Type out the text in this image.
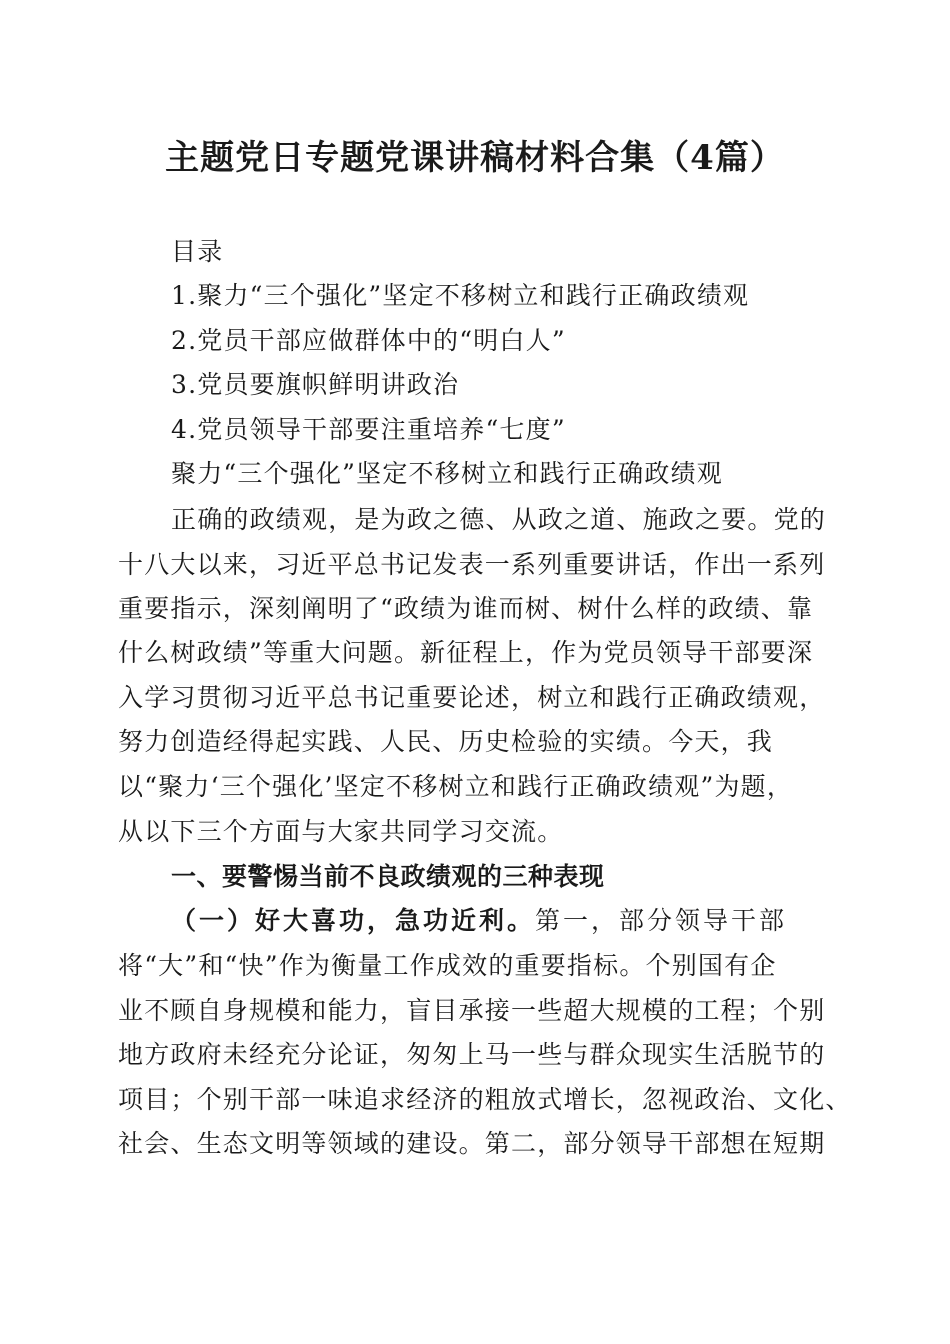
主题党日专题党课讲稿材料合集（4篇）
目录
1.聚力“三个强化”坚定不移树立和践行正确政绩观
2.党员干部应做群体中的“明白人”
3.党员要旗帜鲜明讲政治
4.党员领导干部要注重培养“七度”
聚力“三个强化”坚定不移树立和践行正确政绩观
正确的政绩观，是为政之德、从政之道、施政之要。党的
十八大以来，习近平总书记发表一系列重要讲话，作出一系列
重要指示，深刻阐明了“政绩为谁而树、树什么样的政绩、靠
什么树政绩”等重大问题。新征程上，作为党员领导干部要深
入学习贯彻习近平总书记重要论述，树立和践行正确政绩观，
努力创造经得起实践、人民、历史检验的实绩。今天，我
以“聚力‘三个强化’坚定不移树立和践行正确政绩观”为题，
从以下三个方面与大家共同学习交流。
一、要警惕当前不良政绩观的三种表现
（一）好大喜功，急功近利。第一，部分领导干部
将“大”和“快”作为衡量工作成效的重要指标。个别国有企
业不顾自身规模和能力，盲目承接一些超大规模的工程；个别
地方政府未经充分论证，匆匆上马一些与群众现实生活脱节的
项目；个别干部一味追求经济的粗放式增长，忽视政治、文化、
社会、生态文明等领域的建设。第二，部分领导干部想在短期
